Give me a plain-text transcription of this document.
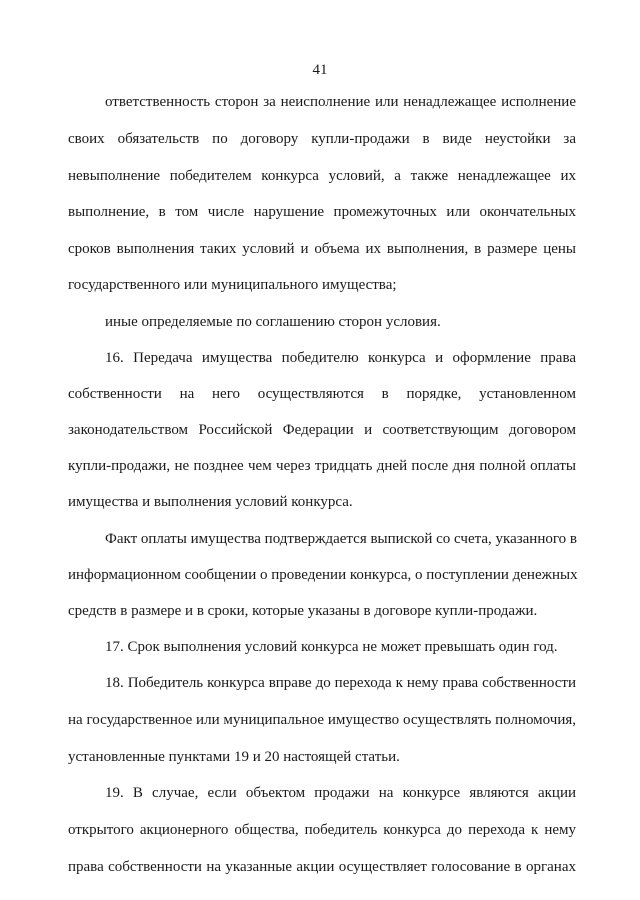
41
ответственность сторон за неисполнение или ненадлежащее исполнение
своих обязательств по договору купли-продажи в виде неустойки за
невыполнение победителем конкурса условий, а также ненадлежащее их
выполнение, в том числе нарушение промежуточных или окончательных
сроков выполнения таких условий и объема их выполнения, в размере цены
государственного или муниципального имущества;
иные определяемые по соглашению сторон условия.
16. Передача имущества победителю конкурса и оформление права
собственности на него осуществляются в порядке, установленном
законодательством Российской Федерации и соответствующим договором
купли-продажи, не позднее чем через тридцать дней после дня полной оплаты
имущества и выполнения условий конкурса.
Факт оплаты имущества подтверждается выпиской со счета, указанного в
информационном сообщении о проведении конкурса, о поступлении денежных
средств в размере и в сроки, которые указаны в договоре купли-продажи.
17. Срок выполнения условий конкурса не может превышать один год.
18. Победитель конкурса вправе до перехода к нему права собственности
на государственное или муниципальное имущество осуществлять полномочия,
установленные пунктами 19 и 20 настоящей статьи.
19. В случае, если объектом продажи на конкурсе являются акции
открытого акционерного общества, победитель конкурса до перехода к нему
права собственности на указанные акции осуществляет голосование в органах
